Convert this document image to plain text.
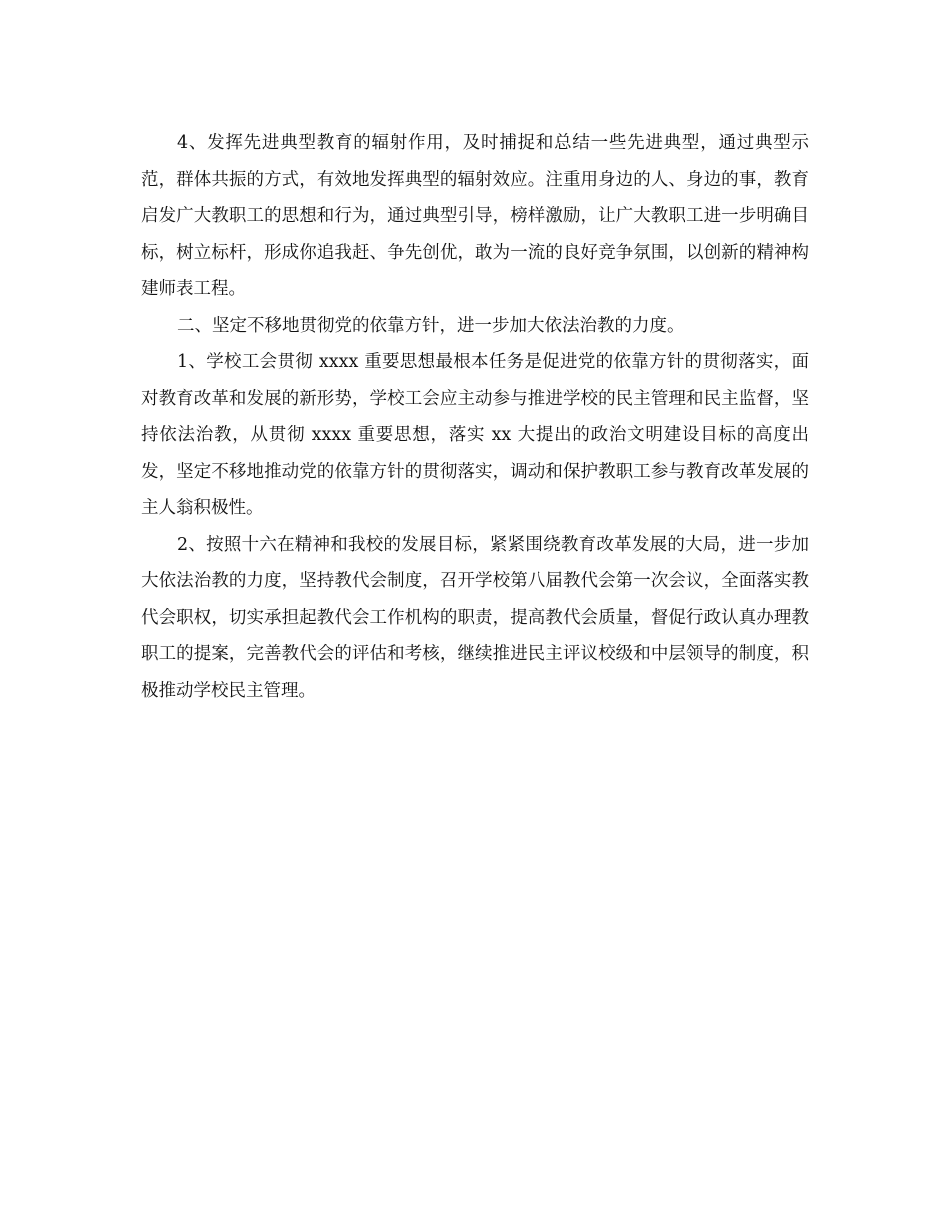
4、发挥先进典型教育的辐射作用，及时捕捉和总结一些先进典型，通过典型示范，群体共振的方式，有效地发挥典型的辐射效应。注重用身边的人、身边的事，教育启发广大教职工的思想和行为，通过典型引导，榜样激励，让广大教职工进一步明确目标，树立标杆，形成你追我赶、争先创优，敢为一流的良好竞争氛围，以创新的精神构建师表工程。

二、坚定不移地贯彻党的依靠方针，进一步加大依法治教的力度。

1、学校工会贯彻 xxxx 重要思想最根本任务是促进党的依靠方针的贯彻落实，面对教育改革和发展的新形势，学校工会应主动参与推进学校的民主管理和民主监督，坚持依法治教，从贯彻 xxxx 重要思想，落实 xx 大提出的政治文明建设目标的高度出发，坚定不移地推动党的依靠方针的贯彻落实，调动和保护教职工参与教育改革发展的主人翁积极性。

2、按照十六在精神和我校的发展目标，紧紧围绕教育改革发展的大局，进一步加大依法治教的力度，坚持教代会制度，召开学校第八届教代会第一次会议，全面落实教代会职权，切实承担起教代会工作机构的职责，提高教代会质量，督促行政认真办理教职工的提案，完善教代会的评估和考核，继续推进民主评议校级和中层领导的制度，积极推动学校民主管理。
